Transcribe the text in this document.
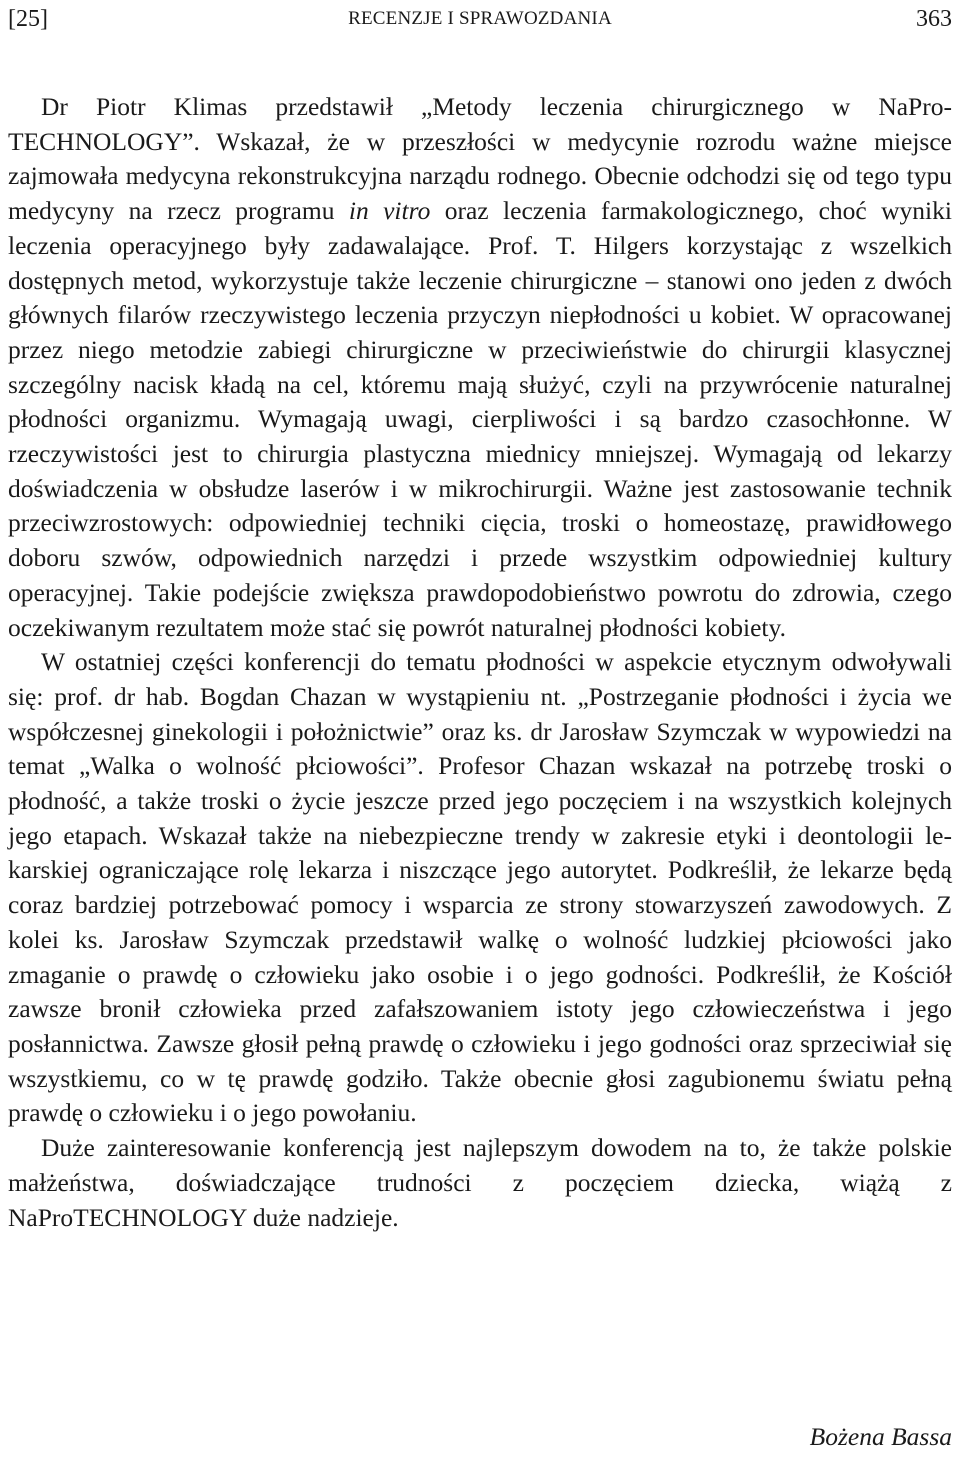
[25]	363
RECENZJE I SPRAWOZDANIA

Dr Piotr Klimas przedstawił „Metody leczenia chirurgicznego w NaProTECHNOLOGY”. Wskazał, że w przeszłości w medycynie rozrodu ważne miejsce zajmowała medycyna rekonstrukcyjna narządu rodnego. Obecnie odchodzi się od tego typu medycyny na rzecz programu in vitro oraz leczenia farmakologicznego, choć wyniki leczenia operacyjnego były zadawalające. Prof. T. Hilgers korzystając z wszelkich dostępnych metod, wykorzystuje także leczenie chirurgiczne – stanowi ono jeden z dwóch głównych filarów rzeczywistego leczenia przyczyn niepłodności u kobiet. W opracowanej przez niego metodzie zabiegi chirurgiczne w przeciwieństwie do chirurgii klasycznej szczególny nacisk kładą na cel, któremu mają służyć, czyli na przywrócenie naturalnej płodności organizmu. Wymagają uwagi, cierpliwości i są bardzo czasochłonne. W rzeczywistości jest to chirurgia plastyczna miednicy mniejszej. Wymagają od lekarzy doświadczenia w obsłudze laserów i w mikrochirurgii. Ważne jest zastosowanie technik przeciwzrostowych: odpowiedniej techniki cięcia, troski o homeostazę, prawidłowego doboru szwów, odpowiednich narzędzi i przede wszystkim odpowiedniej kultury operacyjnej. Takie podejście zwiększa prawdopodobieństwo powrotu do zdrowia, czego oczekiwanym rezultatem może stać się powrót naturalnej płodności kobiety.

W ostatniej części konferencji do tematu płodności w aspekcie etycznym odwoływali się: prof. dr hab. Bogdan Chazan w wystąpieniu nt. „Postrzeganie płodności i życia we współczesnej ginekologii i położnictwie” oraz ks. dr Jarosław Szymczak w wypowiedzi na temat „Walka o wolność płciowości”. Profesor Chazan wskazał na potrzebę troski o płodność, a także troski o życie jeszcze przed jego poczęciem i na wszystkich kolejnych jego etapach. Wskazał także na niebezpieczne trendy w zakresie etyki i deontologii lekarskiej ograniczające rolę lekarza i niszczące jego autorytet. Podkreślił, że lekarze będą coraz bardziej potrzebować pomocy i wsparcia ze strony stowarzyszeń zawodowych. Z kolei ks. Jarosław Szymczak przedstawił walkę o wolność ludzkiej płciowości jako zmaganie o prawdę o człowieku jako osobie i o jego godności. Podkreślił, że Kościół zawsze bronił człowieka przed zafałszowaniem istoty jego człowieczeństwa i jego posłannictwa. Zawsze głosił pełną prawdę o człowieku i jego godności oraz sprzeciwiał się wszystkiemu, co w tę prawdę godziło. Także obecnie głosi zagubionemu światu pełną prawdę o człowieku i o jego powołaniu.

Duże zainteresowanie konferencją jest najlepszym dowodem na to, że także polskie małżeństwa, doświadczające trudności z poczęciem dziecka, wiążą z NaProTECHNOLOGY duże nadzieje.

Bożena Bassa
